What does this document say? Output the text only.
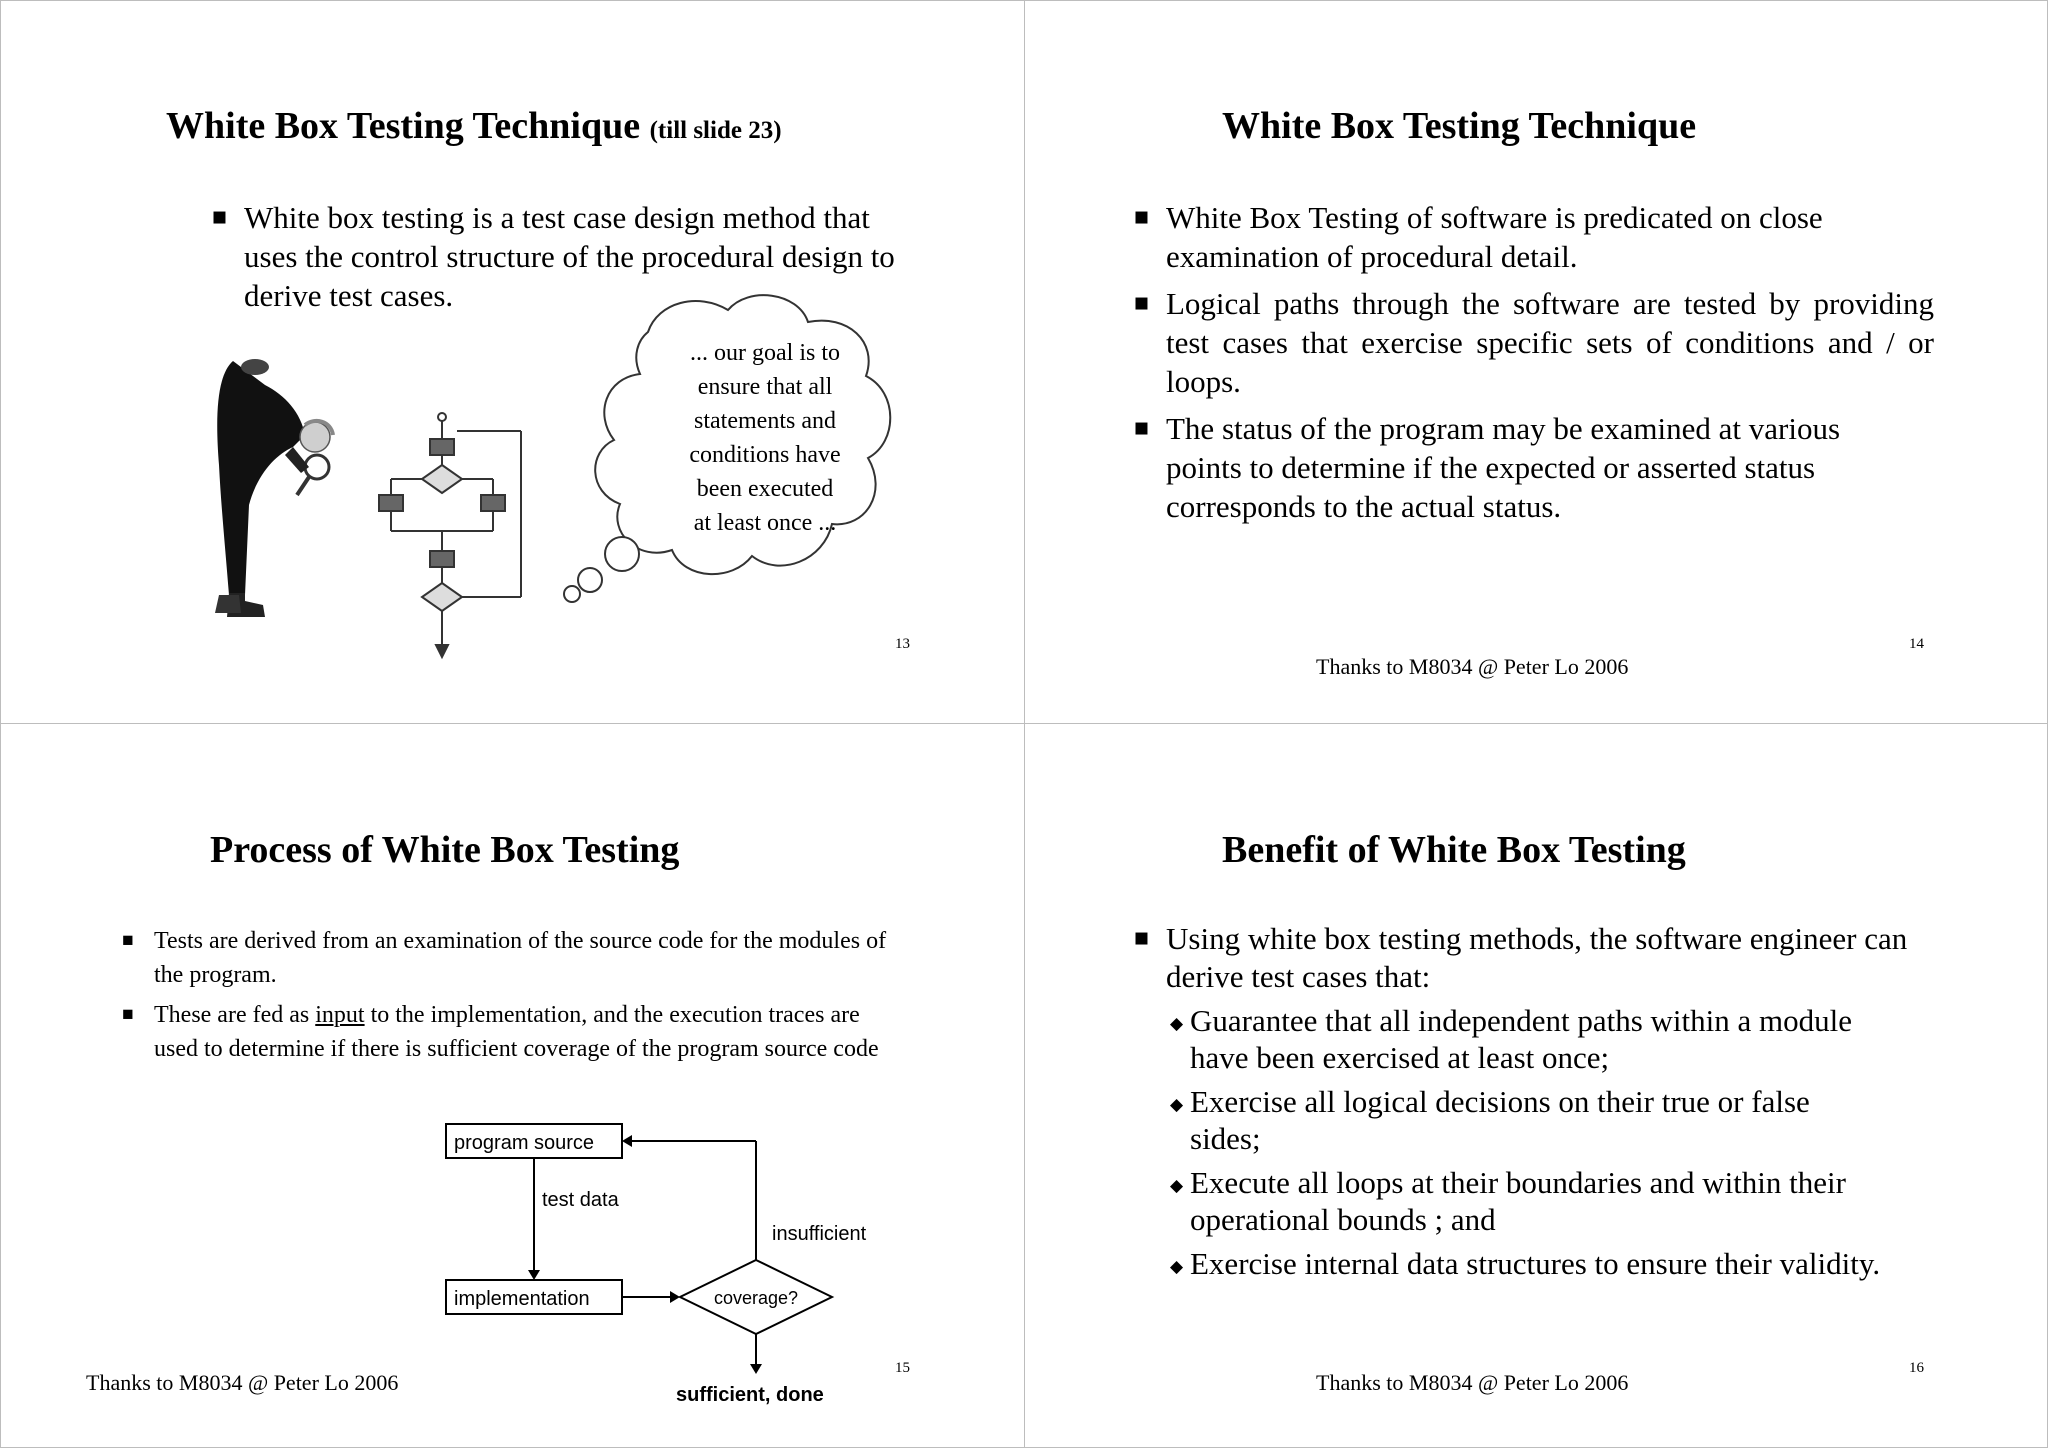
White Box Testing Technique (till slide 23)
■ White box testing is a test case design method that uses the control structure of the procedural design to derive test cases.
... our goal is to
ensure that all
statements and
conditions have
been executed
at least once ...
13
White Box Testing Technique
■ White Box Testing of software is predicated on close examination of procedural detail.
■ Logical paths through the software are tested by providing test cases that exercise specific sets of conditions and / or loops.
■ The status of the program may be examined at various points to determine if the expected or asserted status corresponds to the actual status.
Thanks to M8034 @ Peter Lo 2006
14
Process of White Box Testing
■ Tests are derived from an examination of the source code for the modules of the program.
■ These are fed as input to the implementation, and the execution traces are used to determine if there is sufficient coverage of the program source code
program source
test data
implementation	coverage?
insufficient
sufficient, done
Thanks to M8034 @ Peter Lo 2006
15
Benefit of White Box Testing
■ Using white box testing methods, the software engineer can derive test cases that:
◆ Guarantee that all independent paths within a module have been exercised at least once;
◆ Exercise all logical decisions on their true or false sides;
◆ Execute all loops at their boundaries and within their operational bounds ; and
◆ Exercise internal data structures to ensure their validity.
Thanks to M8034 @ Peter Lo 2006
16
